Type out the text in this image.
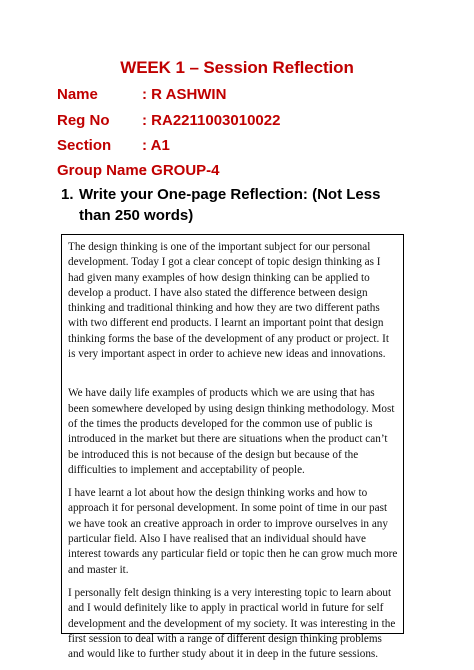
WEEK 1 – Session Reflection
Name	: R ASHWIN
Reg No : RA2211003010022
Section : A1
Group Name: GROUP-4
1. Write your One-page Reflection: (Not Less than 250 words)

The design thinking is one of the important subject for our personal development. Today I got a clear concept of topic design thinking as I had given many examples of how design thinking can be applied to develop a product. I have also stated the difference between design thinking and traditional thinking and how they are two different paths with two different end products. I learnt an important point that design thinking forms the base of the development of any product or project. It is very important aspect in order to achieve new ideas and innovations.

We have daily life examples of products which we are using that has been somewhere developed by using design thinking methodology. Most of the times the products developed for the common use of public is introduced in the market but there are situations when the product can’t be introduced this is not because of the design but because of the difficulties to implement and acceptability of people.

I have learnt a lot about how the design thinking works and how to approach it for personal development. In some point of time in our past we have took an creative approach in order to improve ourselves in any particular field. Also I have realised that an individual should have interest towards any particular field or topic then he can grow much more and master it.

I personally felt design thinking is a very interesting topic to learn about and I would definitely like to apply in practical world in future for self development and the development of my society. It was interesting in the first session to deal with a range of different design thinking problems and would like to further study about it in deep in the future sessions.
